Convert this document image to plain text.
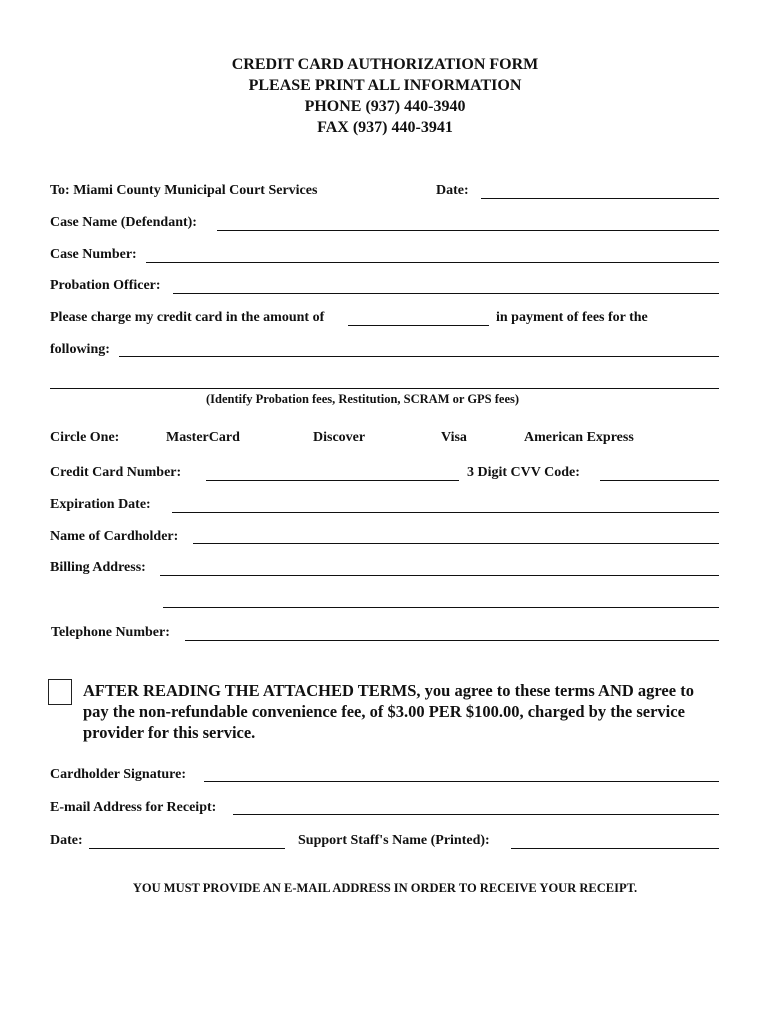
CREDIT CARD AUTHORIZATION FORM
PLEASE PRINT ALL INFORMATION
PHONE (937) 440-3940
FAX (937) 440-3941
To: Miami County Municipal Court Services	Date:
Case Name (Defendant):
Case Number:
Probation Officer:
Please charge my credit card in the amount of	in payment of fees for the
following:
(Identify Probation fees, Restitution, SCRAM or GPS fees)
Circle One:	MasterCard	Discover	Visa	American Express
Credit Card Number:	3 Digit CVV Code:
Expiration Date:
Name of Cardholder:
Billing Address:
Telephone Number:
AFTER READING THE ATTACHED TERMS, you agree to these terms AND agree to pay the non-refundable convenience fee, of $3.00 PER $100.00, charged by the service provider for this service.
Cardholder Signature:
E-mail Address for Receipt:
Date:	Support Staff's Name (Printed):
YOU MUST PROVIDE AN E-MAIL ADDRESS IN ORDER TO RECEIVE YOUR RECEIPT.
